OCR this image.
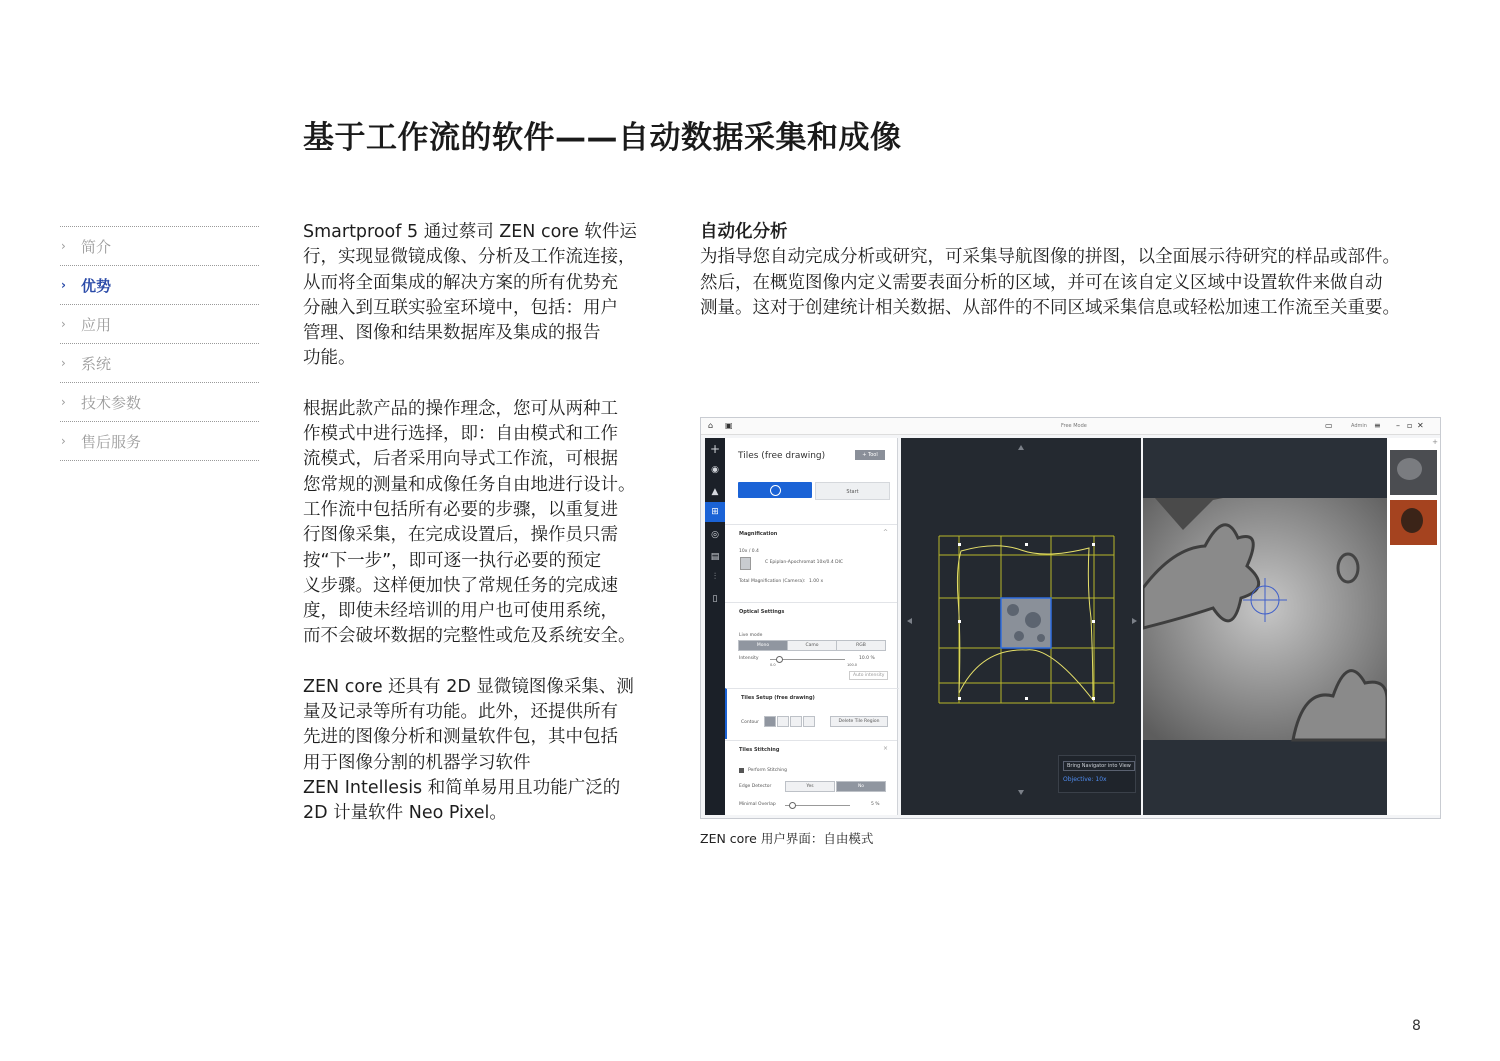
基于工作流的软件——自动数据采集和成像
›	简介
›	优势
›	应用
›	系统
›	技术参数
›	售后服务

Smartproof 5 通过蔡司 ZEN core 软件运
行，实现显微镜成像、分析及工作流连接，
从而将全面集成的解决方案的所有优势充
分融入到互联实验室环境中，包括：用户
管理、图像和结果数据库及集成的报告
功能。

根据此款产品的操作理念，您可从两种工
作模式中进行选择，即：自由模式和工作
流模式，后者采用向导式工作流，可根据
您常规的测量和成像任务自由地进行设计。
工作流中包括所有必要的步骤，以重复进
行图像采集，在完成设置后，操作员只需
按“下一步”，即可逐一执行必要的预定
义步骤。这样便加快了常规任务的完成速
度，即使未经培训的用户也可使用系统，
而不会破坏数据的完整性或危及系统安全。

ZEN core 还具有 2D 显微镜图像采集、测
量及记录等所有功能。此外，还提供所有
先进的图像分析和测量软件包，其中包括
用于图像分割的机器学习软件
ZEN Intellesis 和简单易用且功能广泛的
2D 计量软件 Neo Pixel。

自动化分析

为指导您自动完成分析或研究，可采集导航图像的拼图，以全面展示待研究的样品或部件。
然后，在概览图像内定义需要表面分析的区域，并可在该自定义区域中设置软件来做自动
测量。这对于创建统计相关数据、从部件的不同区域采集信息或轻松加速工作流至关重要。

⌂ ▣	Free Mode	▭	Admin ≡ – ▫ ✕
+
◉
▲
⊞
◎
▤
⫶
▯
Tiles (free drawing)	+ Tool
Start
Magnification	^
10x / 0.4
C Epiplan-Apochromat 10x/0.4 DIC
Total Magnification (Camera): 1.00 x
Optical Settings
Live mode
Mono	Camo	RGB
Intensity
0.0	100.0
10.0 %
Auto intensity
Tiles Setup (free drawing)
Contour	Delete Tile Region
Tiles Stitching	×
Perform Stitching
Edge Detector	Yes	No
Minimal Overlap	5 %
Bring Navigator into View
Objective: 10x
+
ZEN core 用户界面：自由模式
8
